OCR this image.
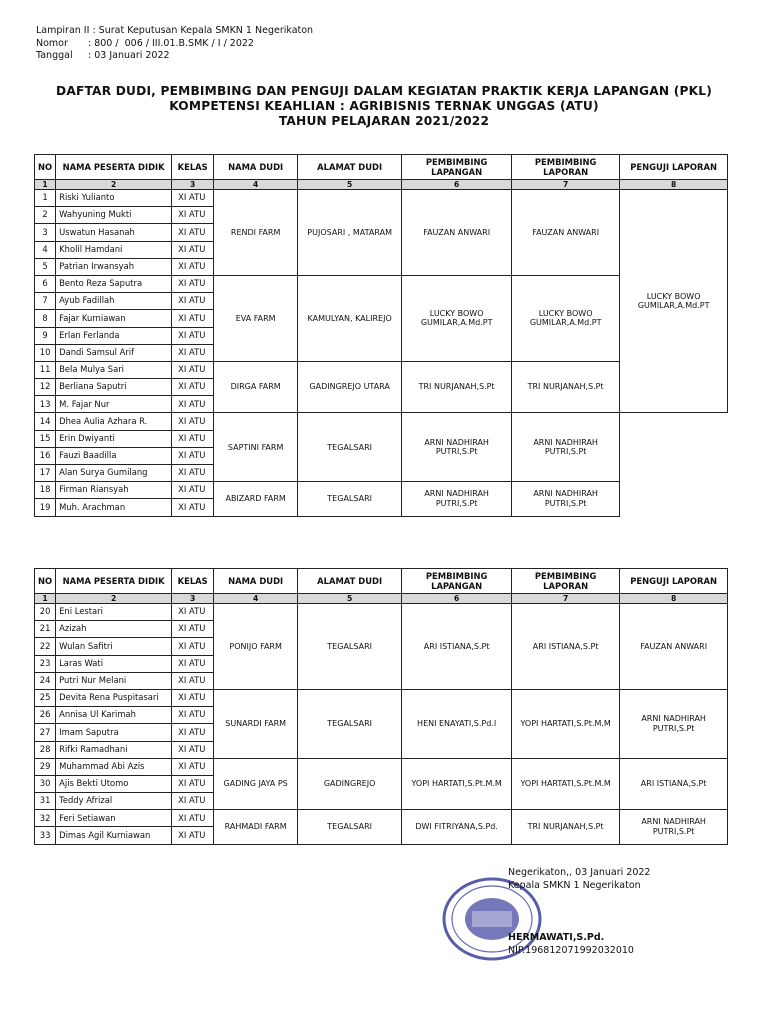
Lampiran II
: Surat Keputusan Kepala SMKN 1 Negerikaton
Nomor	: 800 /  006 / III.01.B.SMK / I / 2022
Tanggal	: 03 Januari 2022
DAFTAR DUDI, PEMBIMBING DAN PENGUJI DALAM KEGIATAN PRAKTIK KERJA LAPANGAN (PKL)
KOMPETENSI KEAHLIAN : AGRIBISNIS TERNAK UNGGAS (ATU)
TAHUN PELAJARAN 2021/2022
NO	NAMA PESERTA DIDIK	KELAS	NAMA DUDI	ALAMAT DUDI	PEMBIMBING LAPANGAN	PEMBIMBING LAPORAN	PENGUJI LAPORAN
1	2	3	4	5	6	7	8
1	Riski Yulianto	XI ATU	RENDI FARM	PUJOSARI , MATARAM	FAUZAN ANWARI	FAUZAN ANWARI	LUCKY BOWO GUMILAR,A.Md.PT
2	Wahyuning Mukti	XI ATU					
3	Uswatun Hasanah	XI ATU					
4	Kholil Hamdani	XI ATU					
5	Patrian Irwansyah	XI ATU					
6	Bento Reza Saputra	XI ATU	EVA FARM	KAMULYAN, KALIREJO	LUCKY BOWO GUMILAR,A.Md.PT	LUCKY BOWO GUMILAR,A.Md.PT	
7	Ayub Fadillah	XI ATU					
8	Fajar Kurniawan	XI ATU					
9	Erlan Ferlanda	XI ATU					
10	Dandi Samsul Arif	XI ATU					
11	Bela Mulya Sari	XI ATU	DIRGA FARM	GADINGREJO UTARA	TRI NURJANAH,S.Pt	TRI NURJANAH,S.Pt	
12	Berliana Saputri	XI ATU					
13	M. Fajar Nur	XI ATU					
14	Dhea Aulia Azhara R.	XI ATU	SAPTINI FARM	TEGALSARI	ARNI NADHIRAH PUTRI,S.Pt	ARNI NADHIRAH PUTRI,S.Pt	
15	Erin Dwiyanti	XI ATU					
16	Fauzi Baadilla	XI ATU					
17	Alan Surya Gumilang	XI ATU					
18	Firman Riansyah	XI ATU	ABIZARD FARM	TEGALSARI	ARNI NADHIRAH PUTRI,S.Pt	ARNI NADHIRAH PUTRI,S.Pt	
19	Muh. Arachman	XI ATU					
NO	NAMA PESERTA DIDIK	KELAS	NAMA DUDI	ALAMAT DUDI	PEMBIMBING LAPANGAN	PEMBIMBING LAPORAN	PENGUJI LAPORAN
1	2	3	4	5	6	7	8
20	Eni Lestari	XI ATU	PONIJO FARM	TEGALSARI	ARI ISTIANA,S.Pt	ARI ISTIANA,S.Pt	FAUZAN ANWARI
21	Azizah	XI ATU					
22	Wulan Safitri	XI ATU					
23	Laras Wati	XI ATU					
24	Putri Nur Melani	XI ATU					
25	Devita Rena Puspitasari	XI ATU	SUNARDI FARM	TEGALSARI	HENI ENAYATI,S.Pd.I	YOPI HARTATI,S.Pt.M.M	ARNI NADHIRAH PUTRI,S.Pt
26	Annisa Ul Karimah	XI ATU					
27	Imam Saputra	XI ATU					
28	Rifki Ramadhani	XI ATU					
29	Muhammad Abi Azis	XI ATU	GADING JAYA PS	GADINGREJO	YOPI HARTATI,S.Pt.M.M	YOPI HARTATI,S.Pt.M.M	ARI ISTIANA,S.Pt
30	Ajis Bekti Utomo	XI ATU					
31	Teddy Afrizal	XI ATU					
32	Feri Setiawan	XI ATU	RAHMADI FARM	TEGALSARI	DWI FITRIYANA,S.Pd.	TRI NURJANAH,S.Pt	ARNI NADHIRAH PUTRI,S.Pt
33	Dimas Agil Kurniawan	XI ATU					
Negerikaton,, 03 Januari 2022
Kepala SMKN 1 Negerikaton
HERMAWATI,S.Pd.
NIP.196812071992032010
